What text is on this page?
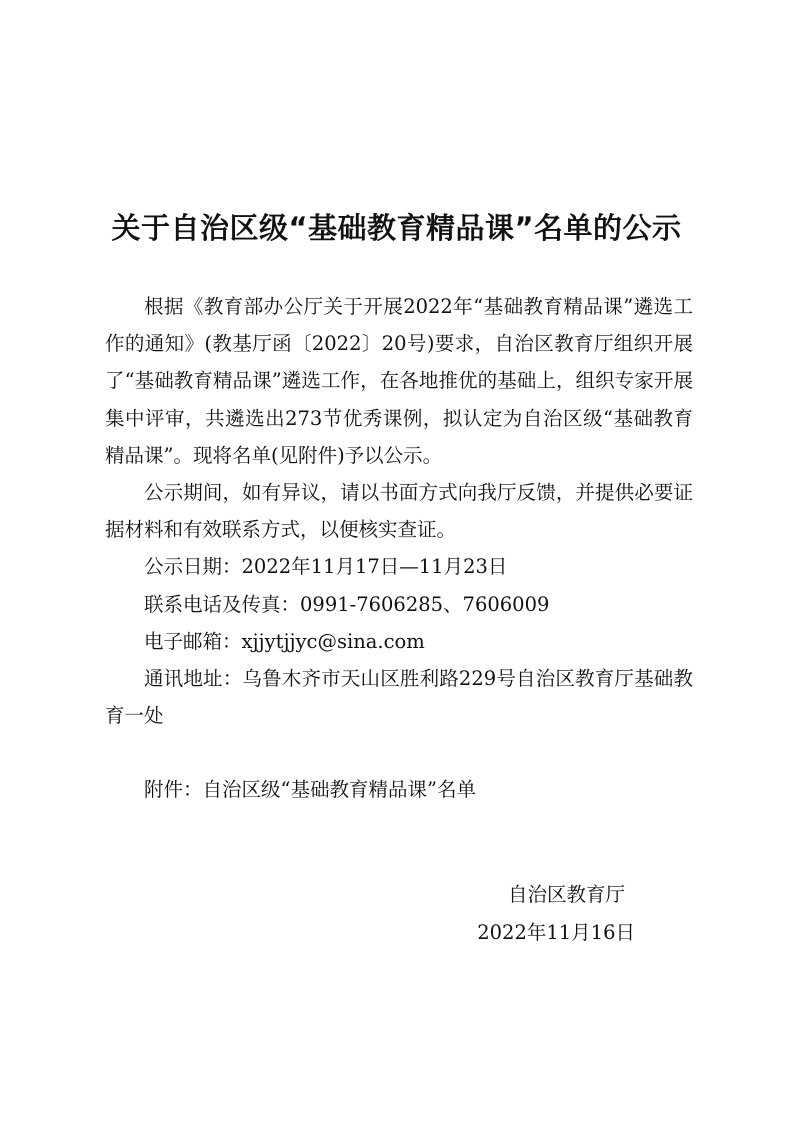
关于自治区级“基础教育精品课”名单的公示

根据《教育部办公厅关于开展2022年“基础教育精品课”遴选工作的通知》(教基厅函〔2022〕20号)要求，自治区教育厅组织开展了“基础教育精品课”遴选工作，在各地推优的基础上，组织专家开展集中评审，共遴选出273节优秀课例，拟认定为自治区级“基础教育精品课”。现将名单(见附件)予以公示。

公示期间，如有异议，请以书面方式向我厅反馈，并提供必要证据材料和有效联系方式，以便核实查证。

公示日期：2022年11月17日—11月23日

联系电话及传真：0991-7606285、7606009

电子邮箱：xjjytjjyc@sina.com

通讯地址：乌鲁木齐市天山区胜利路229号自治区教育厅基础教育一处

附件：自治区级“基础教育精品课”名单

自治区教育厅
2022年11月16日
